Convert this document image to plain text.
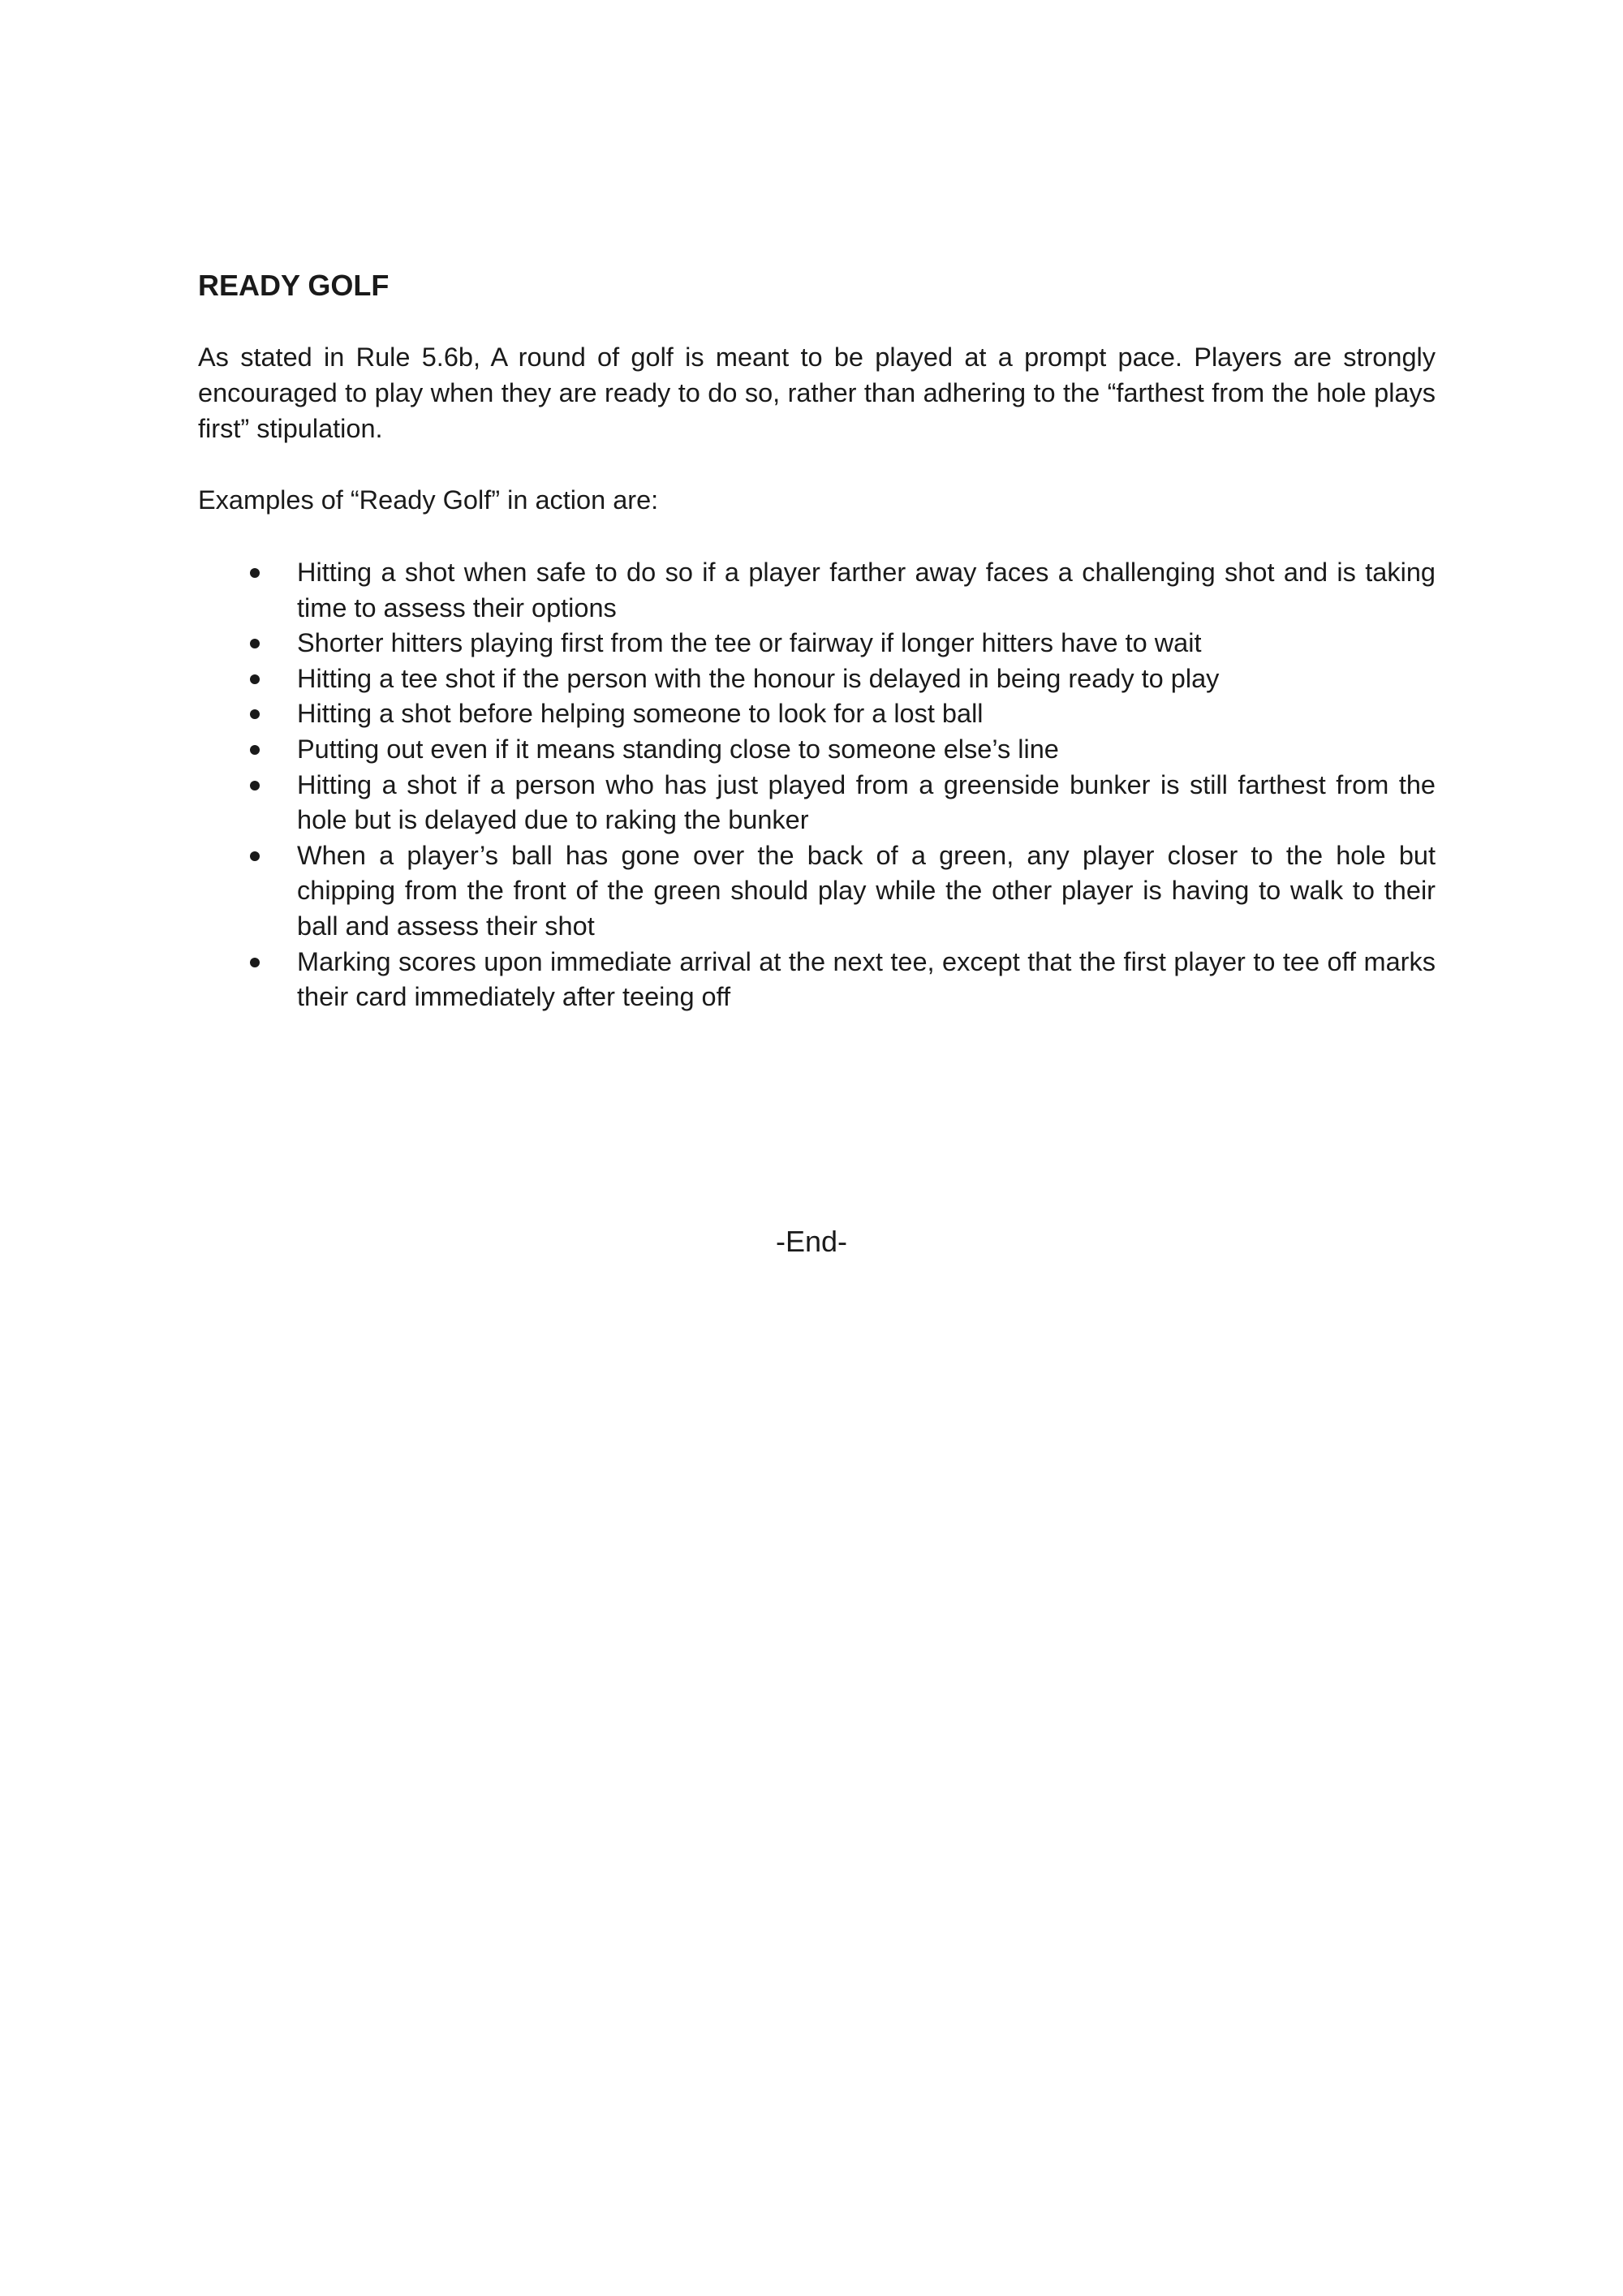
READY GOLF

As stated in Rule 5.6b, A round of golf is meant to be played at a prompt pace. Players are strongly encouraged to play when they are ready to do so, rather than adhering to the “farthest from the hole plays first” stipulation.

Examples of “Ready Golf” in action are:

Hitting a shot when safe to do so if a player farther away faces a challenging shot and is taking time to assess their options
Shorter hitters playing first from the tee or fairway if longer hitters have to wait
Hitting a tee shot if the person with the honour is delayed in being ready to play
Hitting a shot before helping someone to look for a lost ball
Putting out even if it means standing close to someone else’s line
Hitting a shot if a person who has just played from a greenside bunker is still farthest from the hole but is delayed due to raking the bunker
When a player’s ball has gone over the back of a green, any player closer to the hole but chipping from the front of the green should play while the other player is having to walk to their ball and assess their shot
Marking scores upon immediate arrival at the next tee, except that the first player to tee off marks their card immediately after teeing off
-End-
